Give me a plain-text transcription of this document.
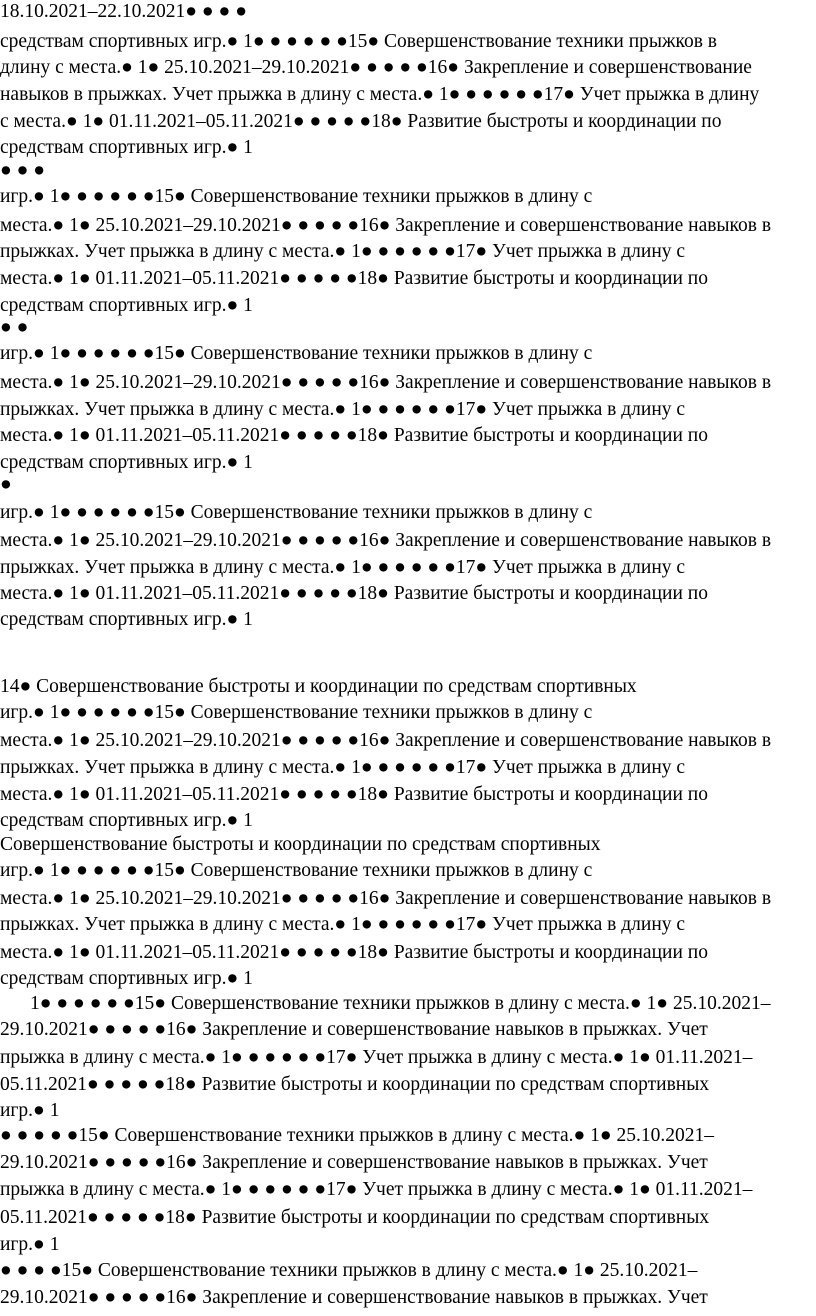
18.10.2021–22.10.2021● ● ● ●

средствам спортивных игр.● 1● ● ● ● ● ●15● Совершенствование техники прыжков в

длину с места.● 1● 25.10.2021–29.10.2021● ● ● ● ●16● Закрепление и совершенствование

навыков в прыжках. Учет прыжка в длину с места.● 1● ● ● ● ● ●17● Учет прыжка в длину

с места.● 1● 01.11.2021–05.11.2021● ● ● ● ●18● Развитие быстроты и координации по

средствам спортивных игр.● 1

● ● ●

игр.● 1● ● ● ● ● ●15● Совершенствование техники прыжков в длину с

места.● 1● 25.10.2021–29.10.2021● ● ● ● ●16● Закрепление и совершенствование навыков в

прыжках. Учет прыжка в длину с места.● 1● ● ● ● ● ●17● Учет прыжка в длину с

места.● 1● 01.11.2021–05.11.2021● ● ● ● ●18● Развитие быстроты и координации по

средствам спортивных игр.● 1

● ●

игр.● 1● ● ● ● ● ●15● Совершенствование техники прыжков в длину с

места.● 1● 25.10.2021–29.10.2021● ● ● ● ●16● Закрепление и совершенствование навыков в

прыжках. Учет прыжка в длину с места.● 1● ● ● ● ● ●17● Учет прыжка в длину с

места.● 1● 01.11.2021–05.11.2021● ● ● ● ●18● Развитие быстроты и координации по

средствам спортивных игр.● 1

●

игр.● 1● ● ● ● ● ●15● Совершенствование техники прыжков в длину с

места.● 1● 25.10.2021–29.10.2021● ● ● ● ●16● Закрепление и совершенствование навыков в

прыжках. Учет прыжка в длину с места.● 1● ● ● ● ● ●17● Учет прыжка в длину с

места.● 1● 01.11.2021–05.11.2021● ● ● ● ●18● Развитие быстроты и координации по

средствам спортивных игр.● 1

14● Совершенствование быстроты и координации по средствам спортивных

игр.● 1● ● ● ● ● ●15● Совершенствование техники прыжков в длину с

места.● 1● 25.10.2021–29.10.2021● ● ● ● ●16● Закрепление и совершенствование навыков в

прыжках. Учет прыжка в длину с места.● 1● ● ● ● ● ●17● Учет прыжка в длину с

места.● 1● 01.11.2021–05.11.2021● ● ● ● ●18● Развитие быстроты и координации по

средствам спортивных игр.● 1

Совершенствование быстроты и координации по средствам спортивных

игр.● 1● ● ● ● ● ●15● Совершенствование техники прыжков в длину с

места.● 1● 25.10.2021–29.10.2021● ● ● ● ●16● Закрепление и совершенствование навыков в

прыжках. Учет прыжка в длину с места.● 1● ● ● ● ● ●17● Учет прыжка в длину с

места.● 1● 01.11.2021–05.11.2021● ● ● ● ●18● Развитие быстроты и координации по

средствам спортивных игр.● 1

1● ● ● ● ● ●15● Совершенствование техники прыжков в длину с места.● 1● 25.10.2021–

29.10.2021● ● ● ● ●16● Закрепление и совершенствование навыков в прыжках. Учет

прыжка в длину с места.● 1● ● ● ● ● ●17● Учет прыжка в длину с места.● 1● 01.11.2021–

05.11.2021● ● ● ● ●18● Развитие быстроты и координации по средствам спортивных

игр.● 1

● ● ● ● ●15● Совершенствование техники прыжков в длину с места.● 1● 25.10.2021–

29.10.2021● ● ● ● ●16● Закрепление и совершенствование навыков в прыжках. Учет

прыжка в длину с места.● 1● ● ● ● ● ●17● Учет прыжка в длину с места.● 1● 01.11.2021–

05.11.2021● ● ● ● ●18● Развитие быстроты и координации по средствам спортивных

игр.● 1

● ● ● ●15● Совершенствование техники прыжков в длину с места.● 1● 25.10.2021–

29.10.2021● ● ● ● ●16● Закрепление и совершенствование навыков в прыжках. Учет
